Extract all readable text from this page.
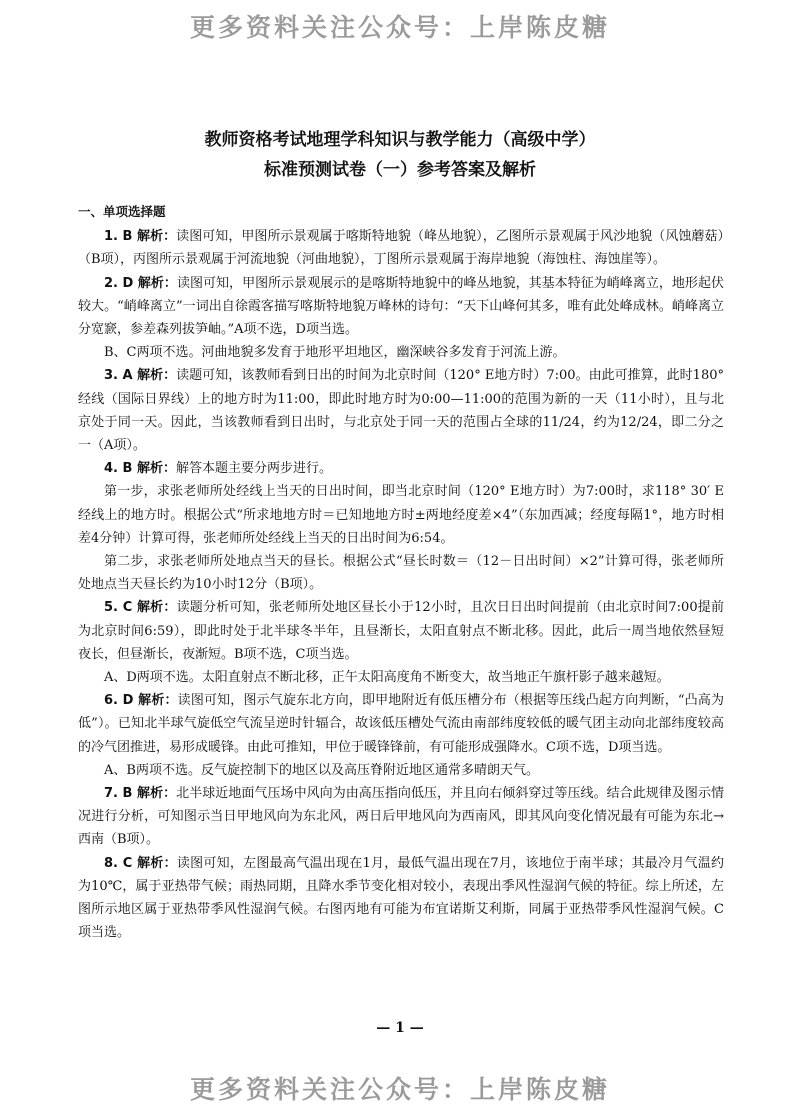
更多资料关注公众号：上岸陈皮糖
教师资格考试地理学科知识与教学能力（高级中学）
标准预测试卷（一）参考答案及解析
一、单项选择题

1. B 解析：读图可知，甲图所示景观属于喀斯特地貌（峰丛地貌），乙图所示景观属于风沙地貌（风蚀蘑菇）（B项），丙图所示景观属于河流地貌（河曲地貌），丁图所示景观属于海岸地貌（海蚀柱、海蚀崖等）。

2. D 解析：读图可知，甲图所示景观展示的是喀斯特地貌中的峰丛地貌，其基本特征为峭峰离立，地形起伏较大。“峭峰离立”一词出自徐霞客描写喀斯特地貌万峰林的诗句：“天下山峰何其多，唯有此处峰成林。峭峰离立分宽窾，参差森列拔笋岫。”A项不选，D项当选。

B、C两项不选。河曲地貌多发育于地形平坦地区，幽深峡谷多发育于河流上游。

3. A 解析：读题可知，该教师看到日出的时间为北京时间（120° E地方时）7:00。由此可推算，此时180°经线（国际日界线）上的地方时为11:00，即此时地方时为0:00—11:00的范围为新的一天（11小时），且与北京处于同一天。因此，当该教师看到日出时，与北京处于同一天的范围占全球的11/24，约为12/24，即二分之一（A项）。

4. B 解析：解答本题主要分两步进行。

第一步，求张老师所处经线上当天的日出时间，即当北京时间（120° E地方时）为7:00时，求118° 30′ E经线上的地方时。根据公式“所求地地方时＝已知地地方时±两地经度差×4”（东加西减；经度每隔1°，地方时相差4分钟）计算可得，张老师所处经线上当天的日出时间为6:54。

第二步，求张老师所处地点当天的昼长。根据公式“昼长时数＝（12－日出时间）×2”计算可得，张老师所处地点当天昼长约为10小时12分（B项）。

5. C 解析：读题分析可知，张老师所处地区昼长小于12小时，且次日日出时间提前（由北京时间7:00提前为北京时间6:59），即此时处于北半球冬半年，且昼渐长，太阳直射点不断北移。因此，此后一周当地依然昼短夜长，但昼渐长，夜渐短。B项不选，C项当选。

A、D两项不选。太阳直射点不断北移，正午太阳高度角不断变大，故当地正午旗杆影子越来越短。

6. D 解析：读图可知，图示气旋东北方向，即甲地附近有低压槽分布（根据等压线凸起方向判断，“凸高为低”）。已知北半球气旋低空气流呈逆时针辐合，故该低压槽处气流由南部纬度较低的暖气团主动向北部纬度较高的冷气团推进，易形成暖锋。由此可推知，甲位于暖锋锋前，有可能形成强降水。C项不选，D项当选。

A、B两项不选。反气旋控制下的地区以及高压脊附近地区通常多晴朗天气。

7. B 解析：北半球近地面气压场中风向为由高压指向低压，并且向右倾斜穿过等压线。结合此规律及图示情况进行分析，可知图示当日甲地风向为东北风，两日后甲地风向为西南风，即其风向变化情况最有可能为东北→西南（B项）。

8. C 解析：读图可知，左图最高气温出现在1月，最低气温出现在7月，该地位于南半球；其最冷月气温约为10℃，属于亚热带气候；雨热同期，且降水季节变化相对较小，表现出季风性湿润气候的特征。综上所述，左图所示地区属于亚热带季风性湿润气候。右图丙地有可能为布宜诺斯艾利斯，同属于亚热带季风性湿润气候。C项当选。

— 1 —
更多资料关注公众号：上岸陈皮糖
